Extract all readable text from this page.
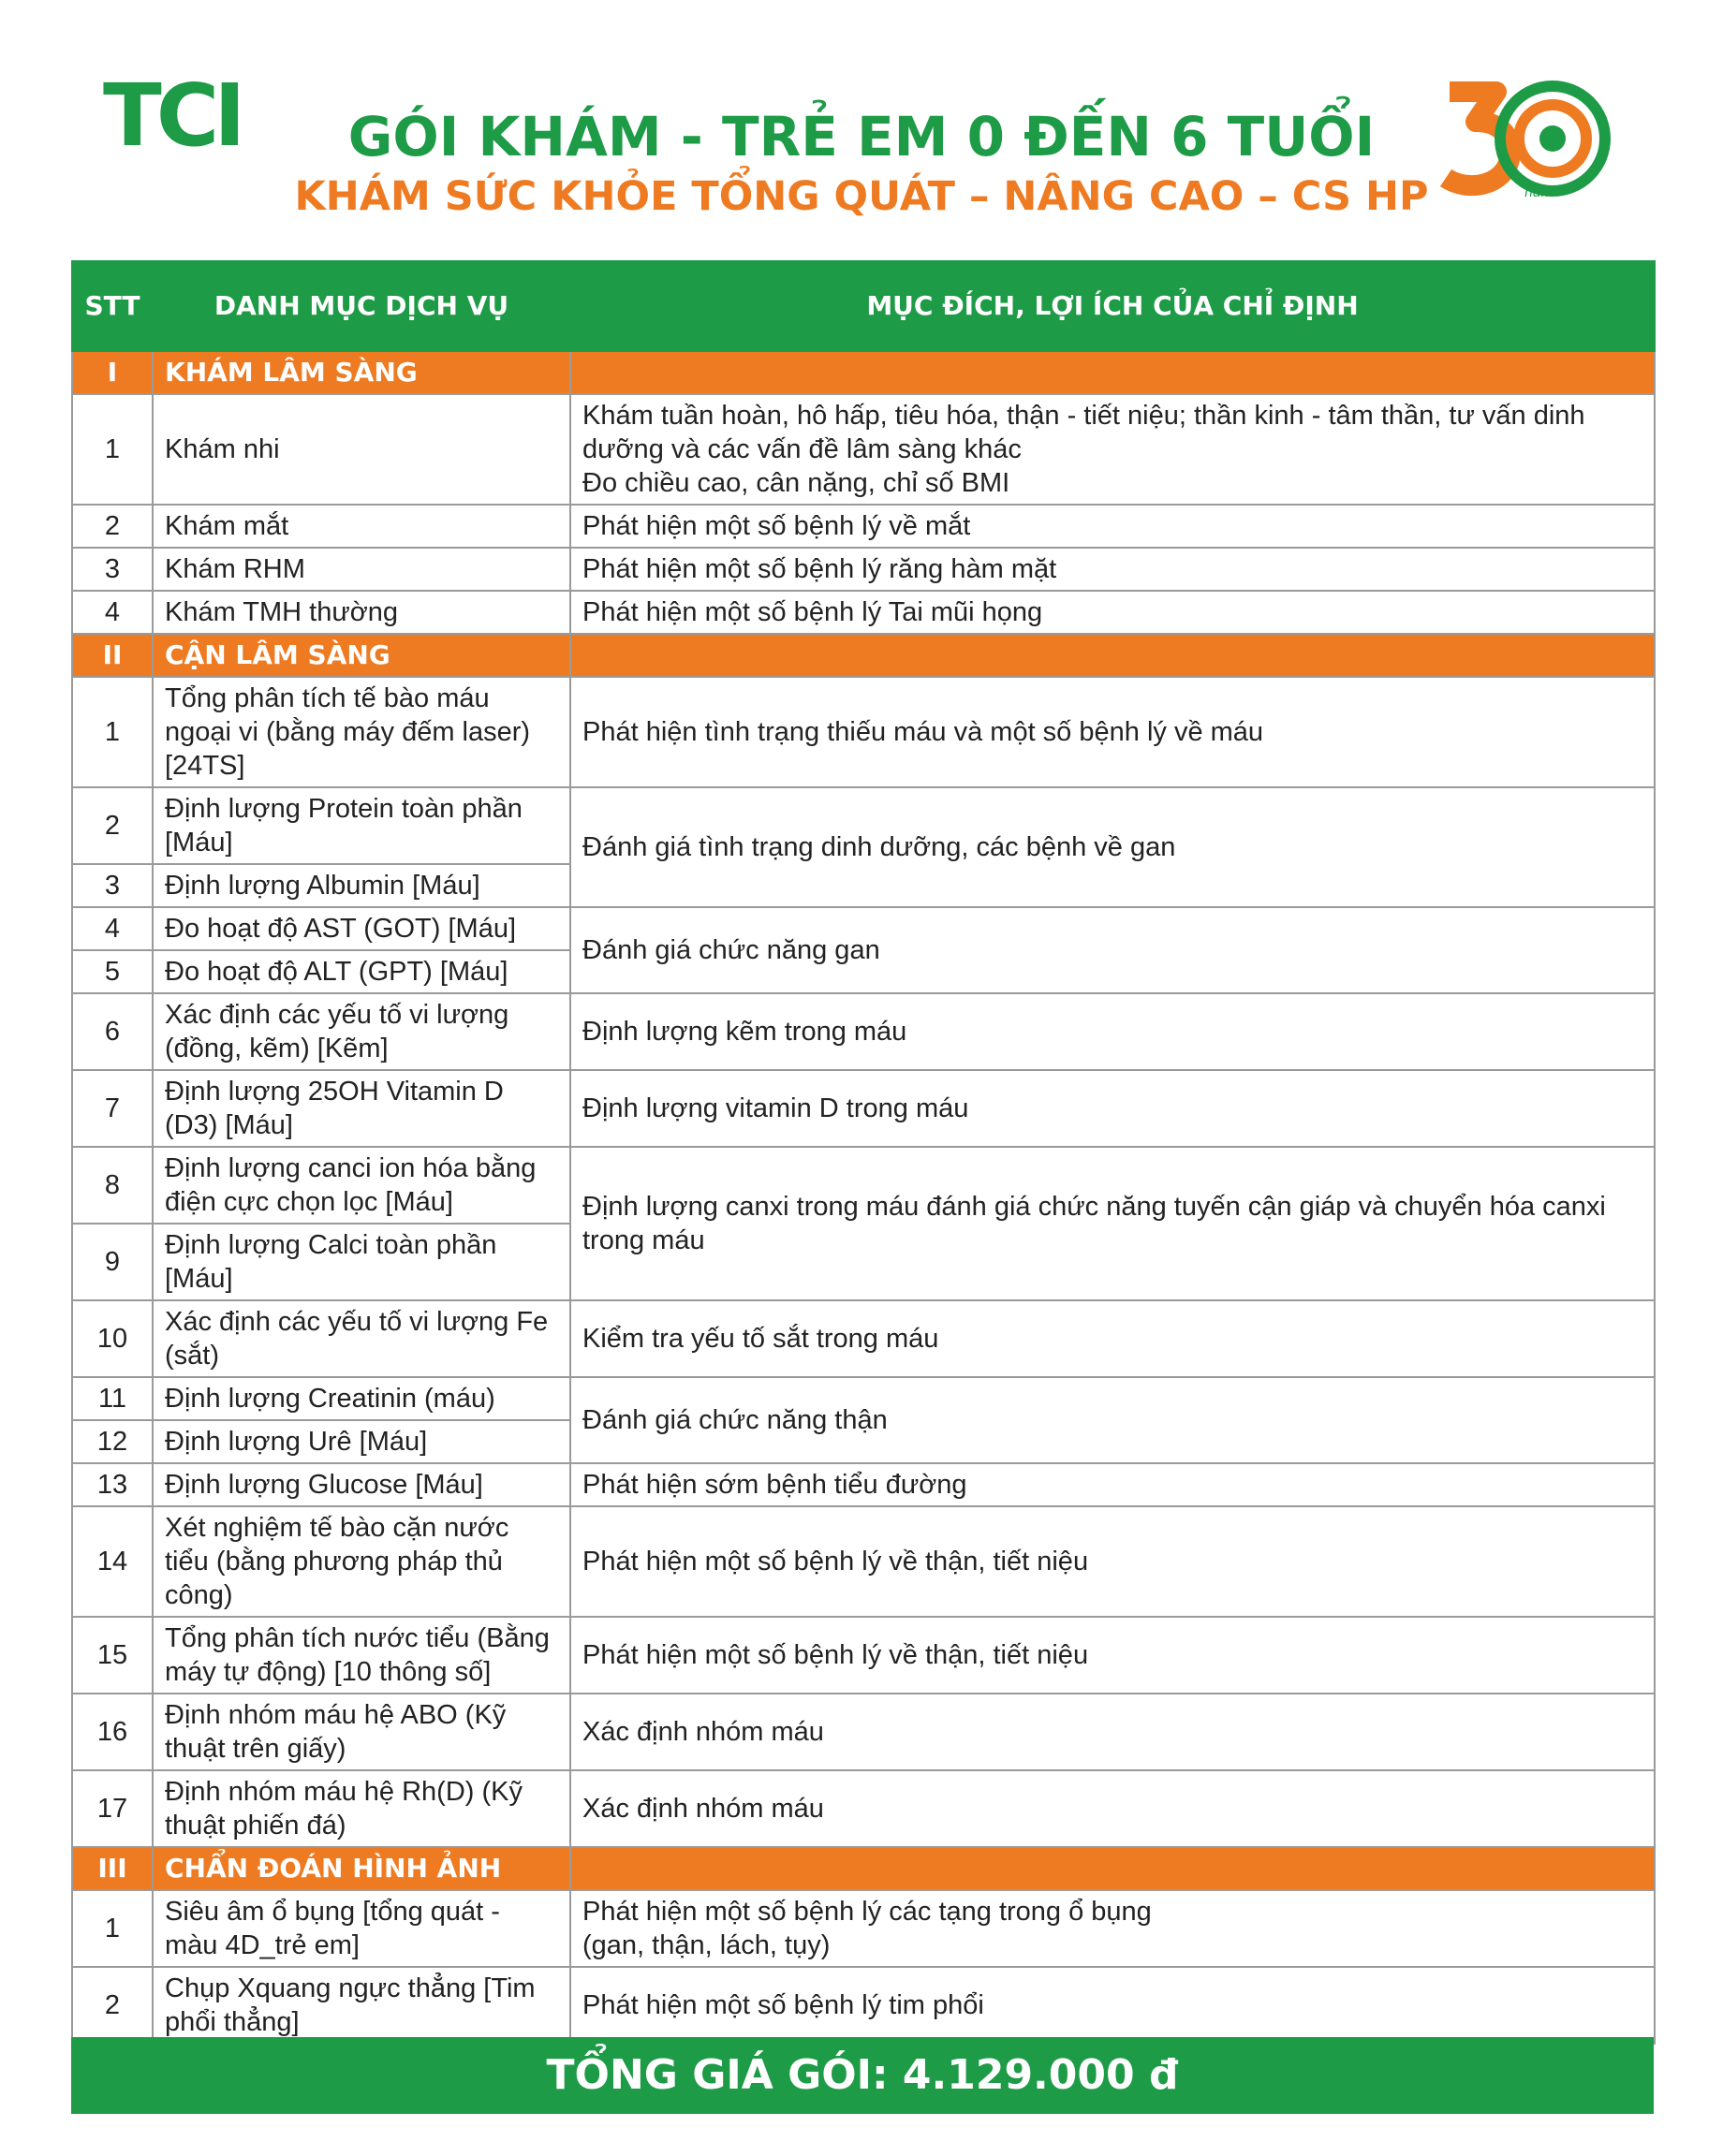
TCI	GÓI KHÁM - TRẺ EM 0 ĐẾN 6 TUỔI
KHÁM SỨC KHỎE TỔNG QUÁT – NÂNG CAO – CS HP	năm
STT	DANH MỤC DỊCH VỤ	MỤC ĐÍCH, LỢI ÍCH CỦA CHỈ ĐỊNH
I	KHÁM LÂM SÀNG	
1	Khám nhi	Khám tuần hoàn, hô hấp, tiêu hóa, thận - tiết niệu; thần kinh - tâm thần, tư vấn dinh dưỡng và các vấn đề lâm sàng khác
Đo chiều cao, cân nặng, chỉ số BMI
2	Khám mắt	Phát hiện một số bệnh lý về mắt
3	Khám RHM	Phát hiện một số bệnh lý răng hàm mặt
4	Khám TMH thường	Phát hiện một số bệnh lý Tai mũi họng
II	CẬN LÂM SÀNG	
1	Tổng phân tích tế bào máu ngoại vi (bằng máy đếm laser) [24TS]	Phát hiện tình trạng thiếu máu và một số bệnh lý về máu
2	Định lượng Protein toàn phần [Máu]	Đánh giá tình trạng dinh dưỡng, các bệnh về gan
3	Định lượng Albumin [Máu]	
4	Đo hoạt độ AST (GOT) [Máu]	Đánh giá chức năng gan
5	Đo hoạt độ ALT (GPT) [Máu]	
6	Xác định các yếu tố vi lượng (đồng, kẽm) [Kẽm]	Định lượng kẽm trong máu
7	Định lượng 25OH Vitamin D (D3) [Máu]	Định lượng vitamin D trong máu
8	Định lượng canci ion hóa bằng điện cực chọn lọc [Máu]	Định lượng canxi trong máu đánh giá chức năng tuyến cận giáp và chuyển hóa canxi trong máu
9	Định lượng Calci toàn phần [Máu]	
10	Xác định các yếu tố vi lượng Fe (sắt)	Kiểm tra yếu tố sắt trong máu
11	Định lượng Creatinin (máu)	Đánh giá chức năng thận
12	Định lượng Urê [Máu]	
13	Định lượng Glucose [Máu]	Phát hiện sớm bệnh tiểu đường
14	Xét nghiệm tế bào cặn nước tiểu (bằng phương pháp thủ công)	Phát hiện một số bệnh lý về thận, tiết niệu
15	Tổng phân tích nước tiểu (Bằng máy tự động) [10 thông số]	Phát hiện một số bệnh lý về thận, tiết niệu
16	Định nhóm máu hệ ABO (Kỹ thuật trên giấy)	Xác định nhóm máu
17	Định nhóm máu hệ Rh(D) (Kỹ thuật phiến đá)	Xác định nhóm máu
III	CHẨN ĐOÁN HÌNH ẢNH	
1	Siêu âm ổ bụng [tổng quát - màu 4D_trẻ em]	Phát hiện một số bệnh lý các tạng trong ổ bụng
(gan, thận, lách, tụy)
2	Chụp Xquang ngực thẳng [Tim phổi thẳng]	Phát hiện một số bệnh lý tim phổi
TỔNG GIÁ GÓI: 4.129.000 đ
